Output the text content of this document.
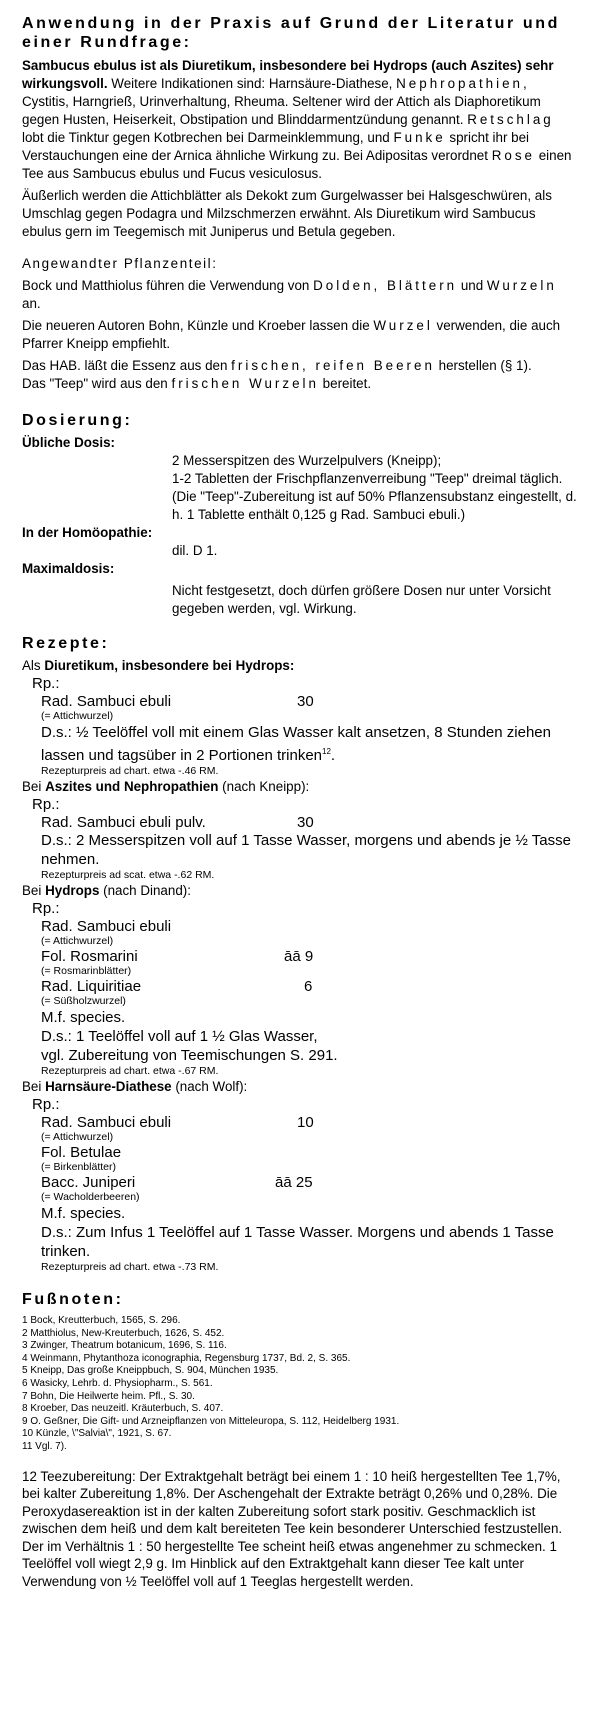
Anwendung in der Praxis auf Grund der Literatur und einer Rundfrage:

Sambucus ebulus ist als Diuretikum, insbesondere bei Hydrops (auch Aszites) sehr wirkungsvoll. Weitere Indikationen sind: Harnsäure-Diathese, Nephropathien, Cystitis, Harngrieß, Urinverhaltung, Rheuma. Seltener wird der Attich als Diaphoretikum gegen Husten, Heiserkeit, Obstipation und Blinddarmentzündung genannt. Retschlag lobt die Tinktur gegen Kotbrechen bei Darmeinklemmung, und Funke spricht ihr bei Verstauchungen eine der Arnica ähnliche Wirkung zu. Bei Adipositas verordnet Rose einen Tee aus Sambucus ebulus und Fucus vesiculosus.

Äußerlich werden die Attichblätter als Dekokt zum Gurgelwasser bei Halsgeschwüren, als Umschlag gegen Podagra und Milzschmerzen erwähnt. Als Diuretikum wird Sambucus ebulus gern im Teegemisch mit Juniperus und Betula gegeben.

Angewandter Pflanzenteil:

Bock und Matthiolus führen die Verwendung von Dolden, Blättern und Wurzeln an.

Die neueren Autoren Bohn, Künzle und Kroeber lassen die Wurzel verwenden, die auch Pfarrer Kneipp empfiehlt.

Das HAB. läßt die Essenz aus den frischen, reifen Beeren herstellen (§ 1).
Das "Teep" wird aus den frischen Wurzeln bereitet.

Dosierung:
Übliche Dosis:

2 Messerspitzen des Wurzelpulvers (Kneipp);

1-2 Tabletten der Frischpflanzenverreibung "Teep" dreimal täglich.

(Die "Teep"-Zubereitung ist auf 50% Pflanzensubstanz eingestellt, d. h. 1 Tablette enthält 0,125 g Rad. Sambuci ebuli.)

In der Homöopathie:

dil. D 1.

Maximaldosis:

Nicht festgesetzt, doch dürfen größere Dosen nur unter Vorsicht gegeben werden, vgl. Wirkung.

Rezepte:
Als Diuretikum, insbesondere bei Hydrops:
Rp.:
Rad. Sambuci ebuli	30
(= Attichwurzel)
D.s.: ½ Teelöffel voll mit einem Glas Wasser kalt ansetzen, 8 Stunden ziehen lassen und tagsüber in 2 Portionen trinken$^{12}$.
Rezepturpreis ad chart. etwa -.46 RM.
Bei Aszites und Nephropathien (nach Kneipp):
Rp.:
Rad. Sambuci ebuli pulv.	30
D.s.: 2 Messerspitzen voll auf 1 Tasse Wasser, morgens und abends je ½ Tasse nehmen.
Rezepturpreis ad scat. etwa -.62 RM.
Bei Hydrops (nach Dinand):
Rp.:
Rad. Sambuci ebuli
(= Attichwurzel)
Fol. Rosmarini	āā 9
(= Rosmarinblätter)
Rad. Liquiritiae	6
(= Süßholzwurzel)
M.f. species.
D.s.: 1 Teelöffel voll auf 1 ½ Glas Wasser,
vgl. Zubereitung von Teemischungen S. 291.
Rezepturpreis ad chart. etwa -.67 RM.
Bei Harnsäure-Diathese (nach Wolf):
Rp.:
Rad. Sambuci ebuli	10
(= Attichwurzel)
Fol. Betulae
(= Birkenblätter)
Bacc. Juniperi	āā 25
(= Wacholderbeeren)
M.f. species.
D.s.: Zum Infus 1 Teelöffel auf 1 Tasse Wasser. Morgens und abends 1 Tasse trinken.
Rezepturpreis ad chart. etwa -.73 RM.
Fußnoten:
1 Bock, Kreutterbuch, 1565, S. 296.
2 Matthiolus, New-Kreuterbuch, 1626, S. 452.
3 Zwinger, Theatrum botanicum, 1696, S. 116.
4 Weinmann, Phytanthoza iconographia, Regensburg 1737, Bd. 2, S. 365.
5 Kneipp, Das große Kneippbuch, S. 904, München 1935.
6 Wasicky, Lehrb. d. Physiopharm., S. 561.
7 Bohn, Die Heilwerte heim. Pfl., S. 30.
8 Kroeber, Das neuzeitl. Kräuterbuch, S. 407.
9 O. Geßner, Die Gift- und Arzneipflanzen von Mitteleuropa, S. 112, Heidelberg 1931.
10 Künzle, \"Salvia\", 1921, S. 67.
11 Vgl. 7).

12 Teezubereitung: Der Extraktgehalt beträgt bei einem 1 : 10 heiß hergestellten Tee 1,7%, bei kalter Zubereitung 1,8%. Der Aschengehalt der Extrakte beträgt 0,26% und 0,28%. Die Peroxydasereaktion ist in der kalten Zubereitung sofort stark positiv. Geschmacklich ist zwischen dem heiß und dem kalt bereiteten Tee kein besonderer Unterschied festzustellen. Der im Verhältnis 1 : 50 hergestellte Tee scheint heiß etwas angenehmer zu schmecken. 1 Teelöffel voll wiegt 2,9 g. Im Hinblick auf den Extraktgehalt kann dieser Tee kalt unter Verwendung von ½ Teelöffel voll auf 1 Teeglas hergestellt werden.
